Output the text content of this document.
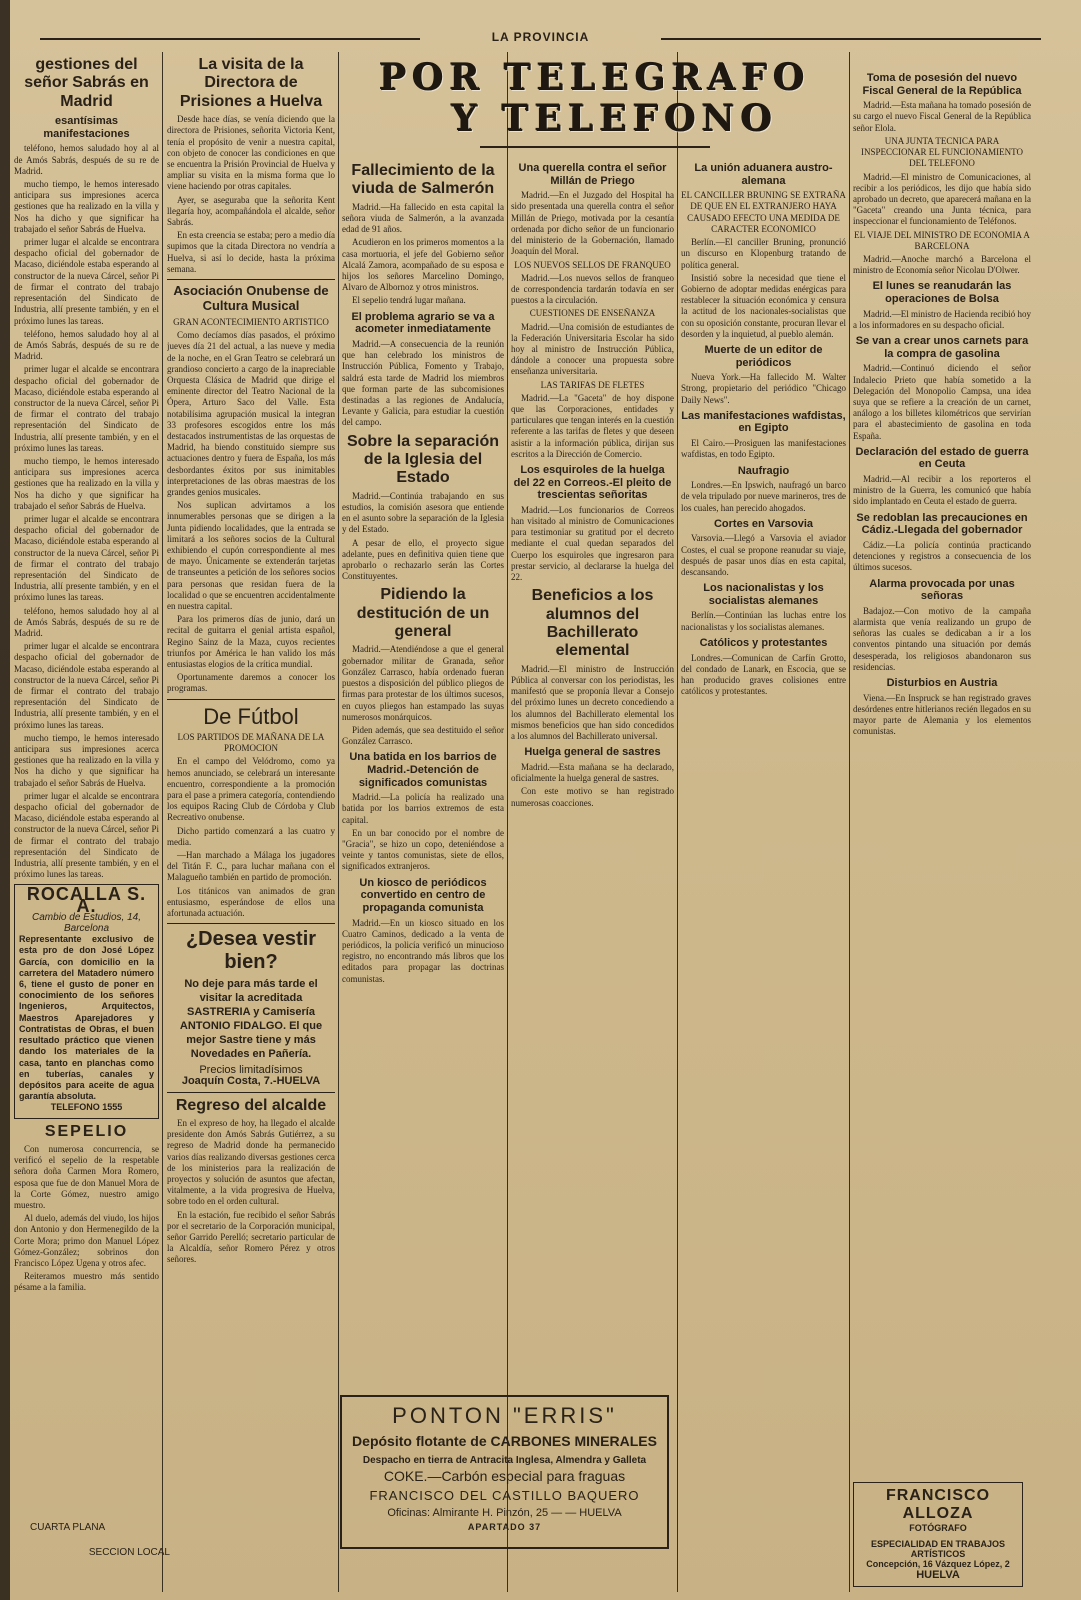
LA PROVINCIA
gestiones del señor Sabrás en Madrid
esantísimas manifestaciones

teléfono, hemos saludado hoy al al de Amós Sabrás, después de su re de Madrid.

mucho tiempo, le hemos interesado anticipara sus impresiones acerca gestiones que ha realizado en la villa y Nos ha dicho y que significar ha trabajado el señor Sabrás de Huelva.

primer lugar el alcalde se encontrara despacho oficial del gobernador de Macaso, diciéndole estaba esperando al constructor de la nueva Cárcel, señor Pi de firmar el contrato del trabajo representación del Sindicato de Industria, allí presente también, y en el próximo lunes las tareas.

teléfono, hemos saludado hoy al al de Amós Sabrás, después de su re de Madrid.

primer lugar el alcalde se encontrara despacho oficial del gobernador de Macaso, diciéndole estaba esperando al constructor de la nueva Cárcel, señor Pi de firmar el contrato del trabajo representación del Sindicato de Industria, allí presente también, y en el próximo lunes las tareas.

mucho tiempo, le hemos interesado anticipara sus impresiones acerca gestiones que ha realizado en la villa y Nos ha dicho y que significar ha trabajado el señor Sabrás de Huelva.

primer lugar el alcalde se encontrara despacho oficial del gobernador de Macaso, diciéndole estaba esperando al constructor de la nueva Cárcel, señor Pi de firmar el contrato del trabajo representación del Sindicato de Industria, allí presente también, y en el próximo lunes las tareas.

teléfono, hemos saludado hoy al al de Amós Sabrás, después de su re de Madrid.

primer lugar el alcalde se encontrara despacho oficial del gobernador de Macaso, diciéndole estaba esperando al constructor de la nueva Cárcel, señor Pi de firmar el contrato del trabajo representación del Sindicato de Industria, allí presente también, y en el próximo lunes las tareas.

mucho tiempo, le hemos interesado anticipara sus impresiones acerca gestiones que ha realizado en la villa y Nos ha dicho y que significar ha trabajado el señor Sabrás de Huelva.

primer lugar el alcalde se encontrara despacho oficial del gobernador de Macaso, diciéndole estaba esperando al constructor de la nueva Cárcel, señor Pi de firmar el contrato del trabajo representación del Sindicato de Industria, allí presente también, y en el próximo lunes las tareas.

ROCALLA S. A.
Cambio de Estudios, 14, Barcelona
Representante exclusivo de esta pro de don José López García, con domicilio en la carretera del Matadero número 6, tiene el gusto de poner en conocimiento de los señores Ingenieros, Arquitectos, Maestros Aparejadores y Contratistas de Obras, el buen resultado práctico que vienen dando los materiales de la casa, tanto en planchas como en tuberías, canales y depósitos para aceite de agua garantía absoluta.
TELEFONO 1555
SEPELIO

Con numerosa concurrencia, se verificó el sepelio de la respetable señora doña Carmen Mora Romero, esposa que fue de don Manuel Mora de la Corte Gómez, nuestro amigo muestro.

Al duelo, además del viudo, los hijos don Antonio y don Hermenegildo de la Corte Mora; primo don Manuel López Gómez-González; sobrinos don Francisco López Ugena y otros afec.

Reiteramos muestro más sentido pésame a la familia.

CUARTA PLANA
SECCION LOCAL
La visita de la Directora de Prisiones a Huelva

Desde hace días, se venía diciendo que la directora de Prisiones, señorita Victoria Kent, tenía el propósito de venir a nuestra capital, con objeto de conocer las condiciones en que se encuentra la Prisión Provincial de Huelva y ampliar su visita en la misma forma que lo viene haciendo por otras capitales.

Ayer, se aseguraba que la señorita Kent llegaría hoy, acompañándola el alcalde, señor Sabrás.

En esta creencia se estaba; pero a medio día supimos que la citada Directora no vendría a Huelva, si así lo decide, hasta la próxima semana.

Asociación Onubense de Cultura Musical
GRAN ACONTECIMIENTO ARTISTICO

Como decíamos días pasados, el próximo jueves día 21 del actual, a las nueve y media de la noche, en el Gran Teatro se celebrará un grandioso concierto a cargo de la inapreciable Orquesta Clásica de Madrid que dirige el eminente director del Teatro Nacional de la Ópera, Arturo Saco del Valle. Esta notabilísima agrupación musical la integran 33 profesores escogidos entre los más destacados instrumentistas de las orquestas de Madrid, ha biendo constituido siempre sus actuaciones dentro y fuera de España, los más desbordantes éxitos por sus inimitables interpretaciones de las obras maestras de los grandes genios musicales.

Nos suplican advirtamos a los innumerables personas que se dirigen a la Junta pidiendo localidades, que la entrada se limitará a los señores socios de la Cultural exhibiendo el cupón correspondiente al mes de mayo. Únicamente se extenderán tarjetas de transeuntes a petición de los señores socios para personas que residan fuera de la localidad o que se encuentren accidentalmente en nuestra capital.

Para los primeros días de junio, dará un recital de guitarra el genial artista español, Regino Sainz de la Maza, cuyos recientes triunfos por América le han valido los más entusiastas elogios de la crítica mundial.

Oportunamente daremos a conocer los programas.

De Fútbol
LOS PARTIDOS DE MAÑANA DE LA PROMOCION

En el campo del Velódromo, como ya hemos anunciado, se celebrará un interesante encuentro, correspondiente a la promoción para el pase a primera categoría, contendiendo los equipos Racing Club de Córdoba y Club Recreativo onubense.

Dicho partido comenzará a las cuatro y media.

—Han marchado a Málaga los jugadores del Titán F. C., para luchar mañana con el Malagueño también en partido de promoción.

Los titánicos van animados de gran entusiasmo, esperándose de ellos una afortunada actuación.

¿Desea vestir bien?
No deje para más tarde el visitar la acreditada SASTRERIA y Camisería ANTONIO FIDALGO. El que mejor Sastre tiene y más Novedades en Pañería.
Precios limitadísimos
Joaquín Costa, 7.-HUELVA
Regreso del alcalde

En el expreso de hoy, ha llegado el alcalde presidente don Amós Sabrás Gutiérrez, a su regreso de Madrid donde ha permanecido varios días realizando diversas gestiones cerca de los ministerios para la realización de proyectos y solución de asuntos que afectan, vitalmente, a la vida progresiva de Huelva, sobre todo en el orden cultural.

En la estación, fue recibido el señor Sabrás por el secretario de la Corporación municipal, señor Garrido Perelló; secretario particular de la Alcaldía, señor Romero Pérez y otros señores.

POR TELEGRAFO
Y TELEFONO
Fallecimiento de la viuda de Salmerón

Madrid.—Ha fallecido en esta capital la señora viuda de Salmerón, a la avanzada edad de 91 años.

Acudieron en los primeros momentos a la casa mortuoria, el jefe del Gobierno señor Alcalá Zamora, acompañado de su esposa e hijos los señores Marcelino Domingo, Alvaro de Albornoz y otros ministros.

El sepelio tendrá lugar mañana.

El problema agrario se va a acometer inmediatamente

Madrid.—A consecuencia de la reunión que han celebrado los ministros de Instrucción Pública, Fomento y Trabajo, saldrá esta tarde de Madrid los miembros que forman parte de las subcomisiones destinadas a las regiones de Andalucía, Levante y Galicia, para estudiar la cuestión del campo.

Sobre la separación de la Iglesia del Estado

Madrid.—Continúa trabajando en sus estudios, la comisión asesora que entiende en el asunto sobre la separación de la Iglesia y del Estado.

A pesar de ello, el proyecto sigue adelante, pues en definitiva quien tiene que aprobarlo o rechazarlo serán las Cortes Constituyentes.

Pidiendo la destitución de un general

Madrid.—Atendiéndose a que el general gobernador militar de Granada, señor González Carrasco, había ordenado fueran puestos a disposición del público pliegos de firmas para protestar de los últimos sucesos, en cuyos pliegos han estampado las suyas numerosos monárquicos.

Piden además, que sea destituido el señor González Carrasco.

Una batida en los barrios de Madrid.-Detención de significados comunistas

Madrid.—La policía ha realizado una batida por los barrios extremos de esta capital.

En un bar conocido por el nombre de "Gracia", se hizo un copo, deteniéndose a veinte y tantos comunistas, siete de ellos, significados extranjeros.

Un kiosco de periódicos convertido en centro de propaganda comunista

Madrid.—En un kiosco situado en los Cuatro Caminos, dedicado a la venta de periódicos, la policía verificó un minucioso registro, no encontrando más libros que los editados para propagar las doctrinas comunistas.

Una querella contra el señor Millán de Priego

Madrid.—En el Juzgado del Hospital ha sido presentada una querella contra el señor Millán de Priego, motivada por la cesantía ordenada por dicho señor de un funcionario del ministerio de la Gobernación, llamado Joaquín del Moral.

LOS NUEVOS SELLOS DE FRANQUEO

Madrid.—Los nuevos sellos de franqueo de correspondencia tardarán todavía en ser puestos a la circulación.

CUESTIONES DE ENSEÑANZA

Madrid.—Una comisión de estudiantes de la Federación Universitaria Escolar ha sido hoy al ministro de Instrucción Pública, dándole a conocer una propuesta sobre enseñanza universitaria.

LAS TARIFAS DE FLETES

Madrid.—La "Gaceta" de hoy dispone que las Corporaciones, entidades y particulares que tengan interés en la cuestión referente a las tarifas de fletes y que deseen asistir a la información pública, dirijan sus escritos a la Dirección de Comercio.

Los esquiroles de la huelga del 22 en Correos.-El pleito de trescientas señoritas

Madrid.—Los funcionarios de Correos han visitado al ministro de Comunicaciones para testimoniar su gratitud por el decreto mediante el cual quedan separados del Cuerpo los esquiroles que ingresaron para prestar servicio, al declararse la huelga del 22.

Beneficios a los alumnos del Bachillerato elemental

Madrid.—El ministro de Instrucción Pública al conversar con los periodistas, les manifestó que se proponía llevar a Consejo del próximo lunes un decreto concediendo a los alumnos del Bachillerato elemental los mismos beneficios que han sido concedidos a los alumnos del Bachillerato universal.

Huelga general de sastres

Madrid.—Esta mañana se ha declarado, oficialmente la huelga general de sastres.

Con este motivo se han registrado numerosas coacciones.

PONTON "ERRIS"
Depósito flotante de CARBONES MINERALES
Despacho en tierra de Antracita Inglesa, Almendra y Galleta
COKE.—Carbón especial para fraguas
FRANCISCO DEL CASTILLO BAQUERO
Oficinas: Almirante H. Pinzón, 25 — — HUELVA
APARTADO 37
La unión aduanera austro-alemana
EL CANCILLER BRUNING SE EXTRAÑA DE QUE EN EL EXTRANJERO HAYA CAUSADO EFECTO UNA MEDIDA DE CARACTER ECONOMICO

Berlín.—El canciller Bruning, pronunció un discurso en Klopenburg tratando de política general.

Insistió sobre la necesidad que tiene el Gobierno de adoptar medidas enérgicas para restablecer la situación económica y censura la actitud de los nacionales-socialistas que con su oposición constante, procuran llevar el desorden y la inquietud, al pueblo alemán.

Muerte de un editor de periódicos

Nueva York.—Ha fallecido M. Walter Strong, propietario del periódico "Chicago Daily News".

Las manifestaciones wafdistas, en Egipto

El Cairo.—Prosiguen las manifestaciones wafdistas, en todo Egipto.

Naufragio

Londres.—En Ipswich, naufragó un barco de vela tripulado por nueve marineros, tres de los cuales, han perecido ahogados.

Cortes en Varsovia

Varsovia.—Llegó a Varsovia el aviador Costes, el cual se propone reanudar su viaje, después de pasar unos días en esta capital, descansando.

Los nacionalistas y los socialistas alemanes

Berlín.—Continúan las luchas entre los nacionalistas y los socialistas alemanes.

Católicos y protestantes

Londres.—Comunican de Carfín Grotto, del condado de Lanark, en Escocia, que se han producido graves colisiones entre católicos y protestantes.

Toma de posesión del nuevo Fiscal General de la República

Madrid.—Esta mañana ha tomado posesión de su cargo el nuevo Fiscal General de la República señor Elola.

UNA JUNTA TECNICA PARA INSPECCIONAR EL FUNCIONAMIENTO DEL TELEFONO

Madrid.—El ministro de Comunicaciones, al recibir a los periódicos, les dijo que había sido aprobado un decreto, que aparecerá mañana en la "Gaceta" creando una Junta técnica, para inspeccionar el funcionamiento de Teléfonos.

EL VIAJE DEL MINISTRO DE ECONOMIA A BARCELONA

Madrid.—Anoche marchó a Barcelona el ministro de Economía señor Nicolau D'Olwer.

El lunes se reanudarán las operaciones de Bolsa

Madrid.—El ministro de Hacienda recibió hoy a los informadores en su despacho oficial.

Se van a crear unos carnets para la compra de gasolina

Madrid.—Continuó diciendo el señor Indalecio Prieto que había sometido a la Delegación del Monopolio Campsa, una idea suya que se refiere a la creación de un carnet, análogo a los billetes kilométricos que servirían para el abastecimiento de gasolina en toda España.

Declaración del estado de guerra en Ceuta

Madrid.—Al recibir a los reporteros el ministro de la Guerra, les comunicó que había sido implantado en Ceuta el estado de guerra.

Se redoblan las precauciones en Cádiz.-Llegada del gobernador

Cádiz.—La policía continúa practicando detenciones y registros a consecuencia de los últimos sucesos.

Alarma provocada por unas señoras

Badajoz.—Con motivo de la campaña alarmista que venía realizando un grupo de señoras las cuales se dedicaban a ir a los conventos pintando una situación por demás desesperada, los religiosos abandonaron sus residencias.

Disturbios en Austria

Viena.—En Inspruck se han registrado graves desórdenes entre hitlerianos recién llegados en su mayor parte de Alemania y los elementos comunistas.

FRANCISCO ALLOZA
FOTÓGRAFO
ESPECIALIDAD EN TRABAJOS ARTÍSTICOS
Concepción, 16 Vázquez López, 2
HUELVA
